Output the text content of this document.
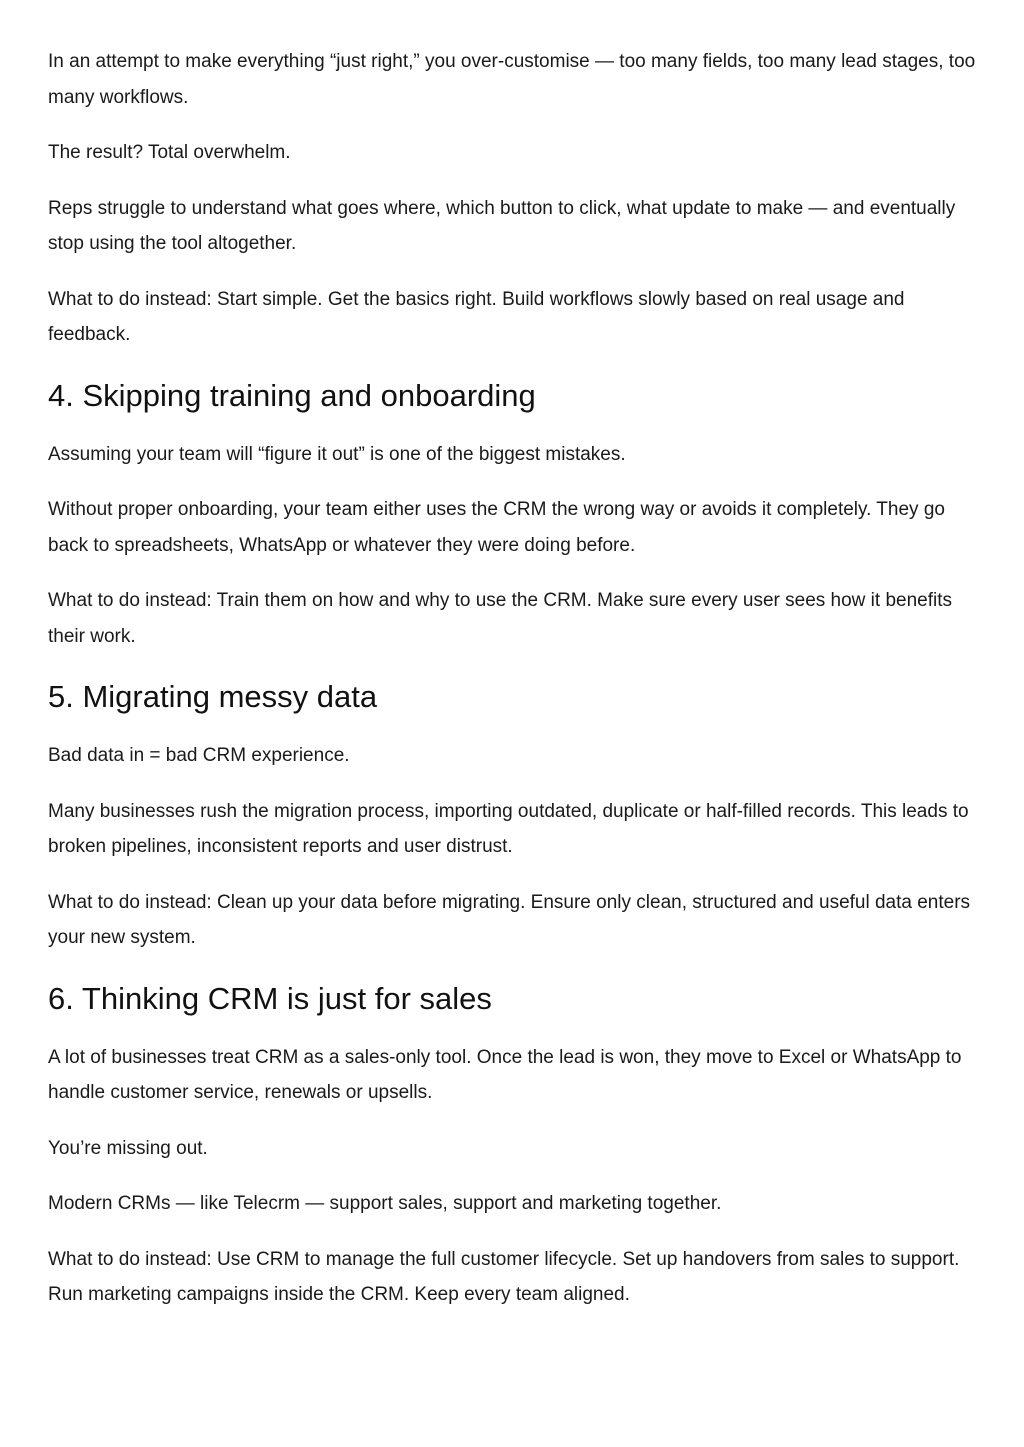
In an attempt to make everything “just right,” you over-customise — too many fields, too many lead stages, too many workflows.

The result? Total overwhelm.

Reps struggle to understand what goes where, which button to click, what update to make — and eventually stop using the tool altogether.

What to do instead: Start simple. Get the basics right. Build workflows slowly based on real usage and feedback.

4. Skipping training and onboarding

Assuming your team will “figure it out” is one of the biggest mistakes.

Without proper onboarding, your team either uses the CRM the wrong way or avoids it completely. They go back to spreadsheets, WhatsApp or whatever they were doing before.

What to do instead: Train them on how and why to use the CRM. Make sure every user sees how it benefits their work.

5. Migrating messy data

Bad data in = bad CRM experience.

Many businesses rush the migration process, importing outdated, duplicate or half-filled records. This leads to broken pipelines, inconsistent reports and user distrust.

What to do instead: Clean up your data before migrating. Ensure only clean, structured and useful data enters your new system.

6. Thinking CRM is just for sales

A lot of businesses treat CRM as a sales-only tool. Once the lead is won, they move to Excel or WhatsApp to handle customer service, renewals or upsells.

You’re missing out.

Modern CRMs — like Telecrm — support sales, support and marketing together.

What to do instead: Use CRM to manage the full customer lifecycle. Set up handovers from sales to support. Run marketing campaigns inside the CRM. Keep every team aligned.
